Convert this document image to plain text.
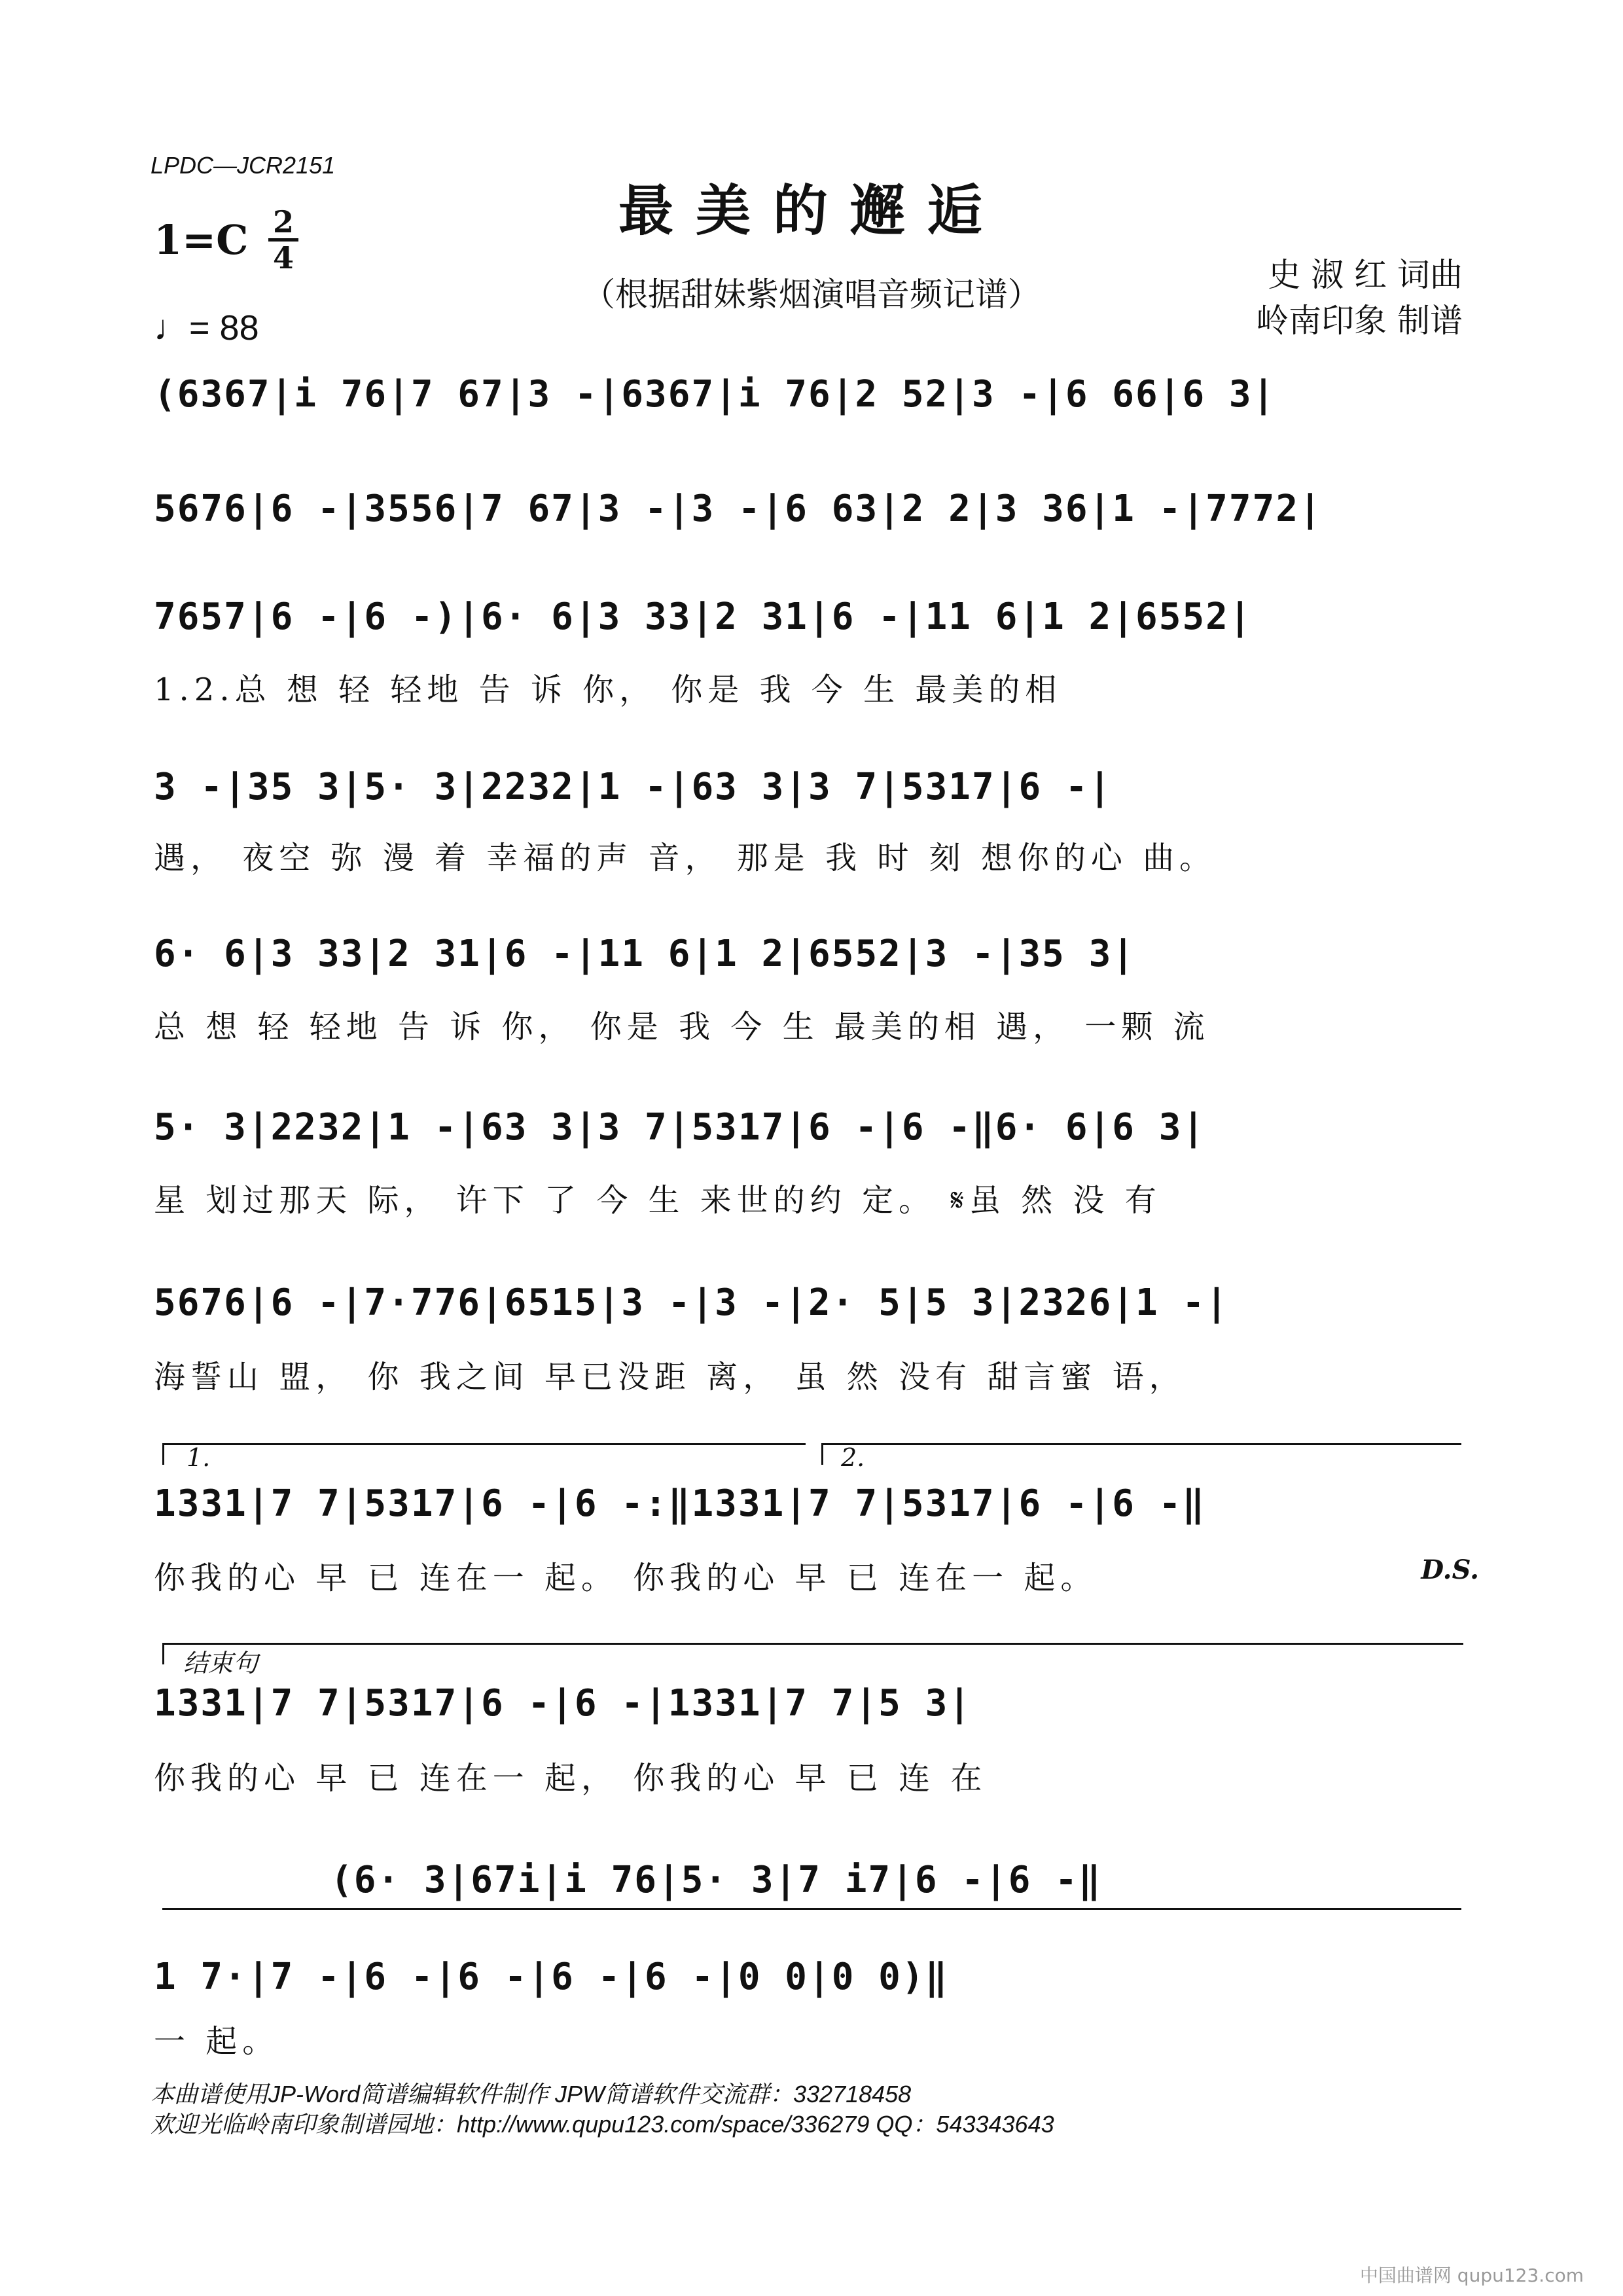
LPDC—JCR2151
最美的邂逅
（根据甜妹紫烟演唱音频记谱）
1=C 2
4
♩= 88
史 淑 红 词曲
岭南印象 制谱
(6367|i 76|7 67|3 -|6367|i 76|2 52|3 -|6 66|6 3|
5676|6 -|3556|7 67|3 -|3 -|6 63|2 2|3 36|1 -|7772|
7657|6 -|6 -)|6· 6|3 33|2 31|6 -|11 6|1 2|6552|
1.2.总 想 轻 轻地 告 诉 你， 你是 我 今 生 最美的相
3 -|35 3|5· 3|2232|1 -|63 3|3 7|5317|6 -|
遇， 夜空 弥 漫 着 幸福的声 音， 那是 我 时 刻 想你的心 曲。
6· 6|3 33|2 31|6 -|11 6|1 2|6552|3 -|35 3|
总 想 轻 轻地 告 诉 你， 你是 我 今 生 最美的相 遇， 一颗 流
5· 3|2232|1 -|63 3|3 7|5317|6 -|6 -‖6· 6|6 3|
星 划过那天 际， 许下 了 今 生 来世的约 定。 𝄋虽 然 没 有
5676|6 -|7·776|6515|3 -|3 -|2· 5|5 3|2326|1 -|
海誓山 盟， 你 我之间 早已没距 离， 虽 然 没有 甜言蜜 语，
1.	2.
1331|7 7|5317|6 -|6 -:‖1331|7 7|5317|6 -|6 -‖
你我的心 早 已 连在一 起。 你我的心 早 已 连在一 起。	D.S.
结束句
1331|7 7|5317|6 -|6 -|1331|7 7|5 3|
你我的心 早 已 连在一 起， 你我的心 早 已 连 在
(6· 3|67i|i 76|5· 3|7 i7|6 -|6 -‖
1 7·|7 -|6 -|6 -|6 -|6 -|0 0|0 0)‖
一 起。
本曲谱使用JP-Word简谱编辑软件制作 JPW简谱软件交流群：332718458
欢迎光临岭南印象制谱园地：http://www.qupu123.com/space/336279 QQ：543343643
中国曲谱网 qupu123.com
